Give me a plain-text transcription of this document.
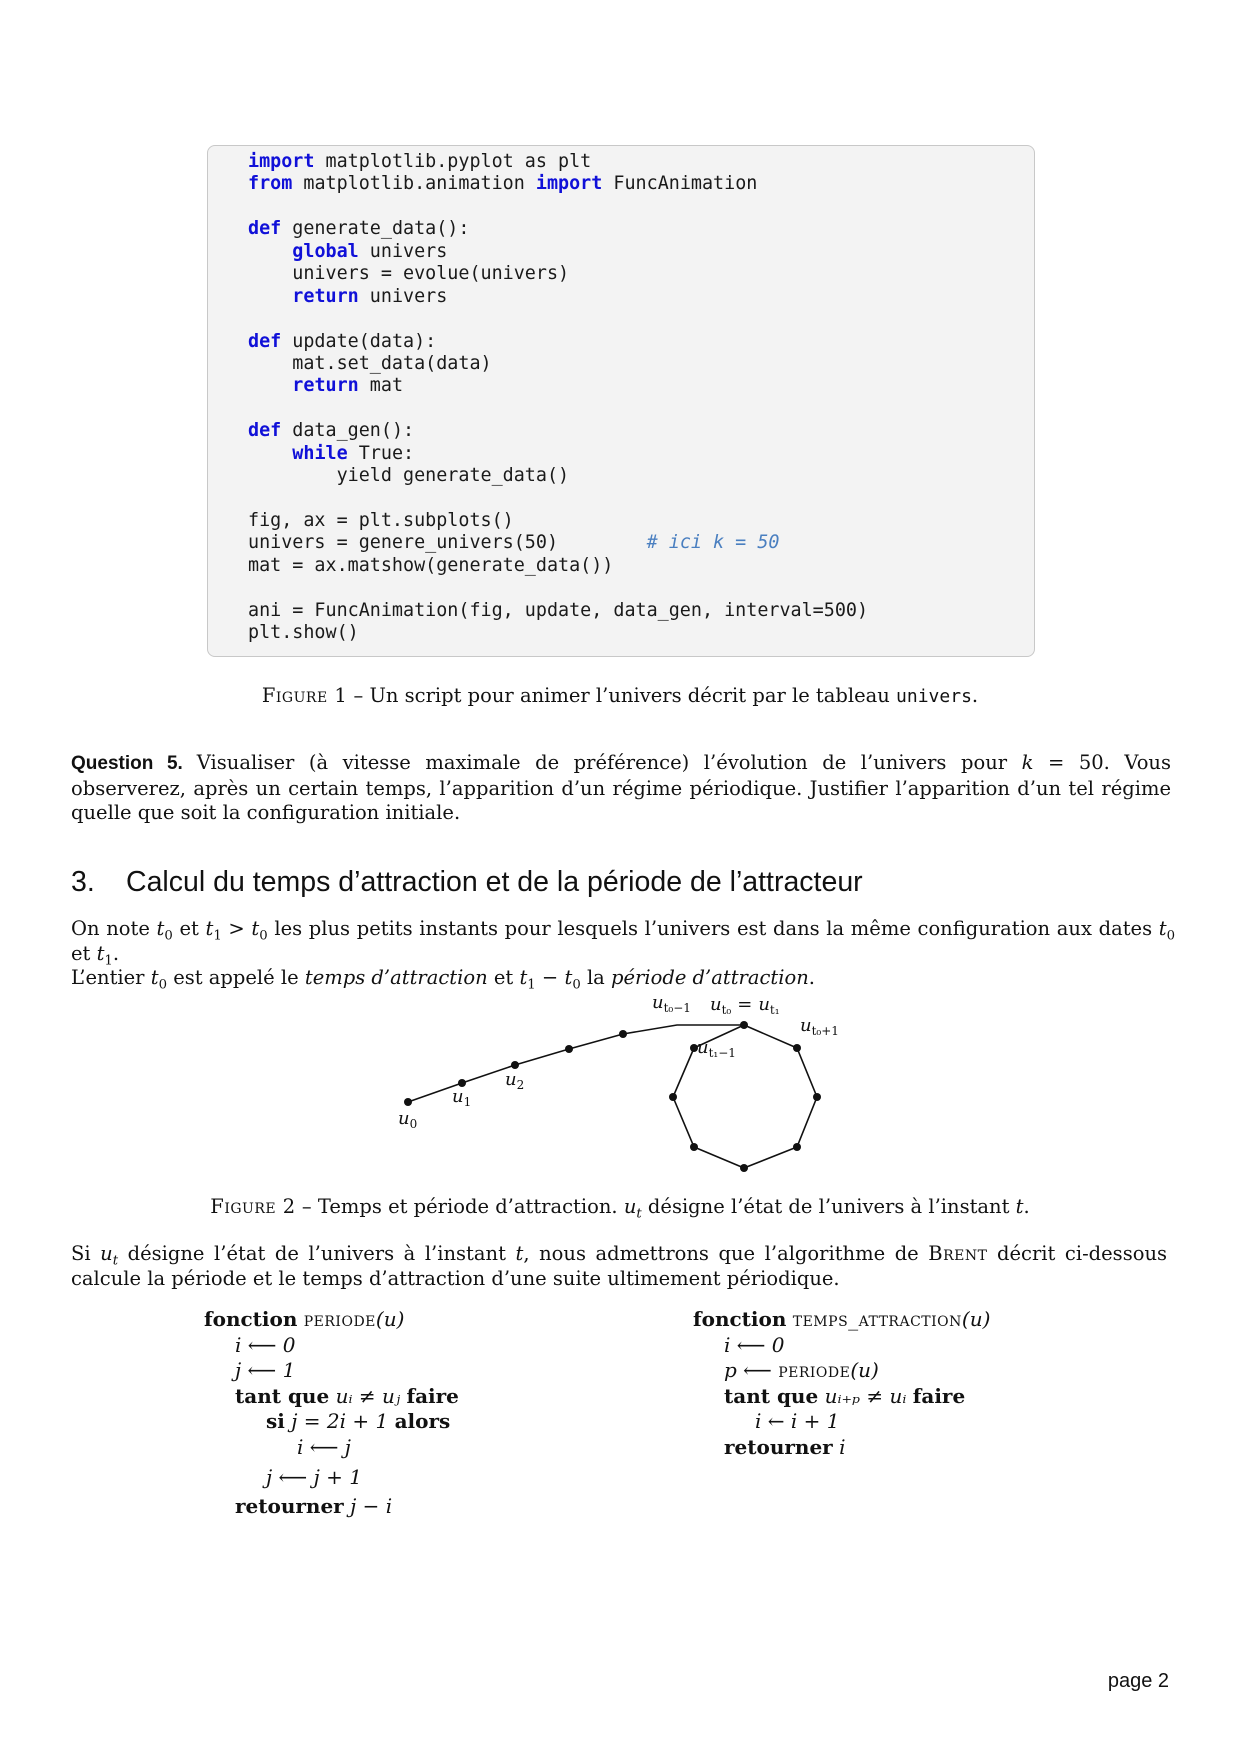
import matplotlib.pyplot as plt
from matplotlib.animation import FuncAnimation

def generate_data():
global univers
univers = evolue(univers)
return univers

def update(data):
mat.set_data(data)
return mat

def data_gen():
while True:
yield generate_data()

fig, ax = plt.subplots()
univers = genere_univers(50)        # ici k = 50
mat = ax.matshow(generate_data())

ani = FuncAnimation(fig, update, data_gen, interval=500)
plt.show()
Figure 1 – Un script pour animer l’univers décrit par le tableau univers.
Question 5. Visualiser (à vitesse maximale de préférence) l’évolution de l’univers pour k = 50. Vous observerez, après un certain temps, l’apparition d’un régime périodique. Justifier l’apparition d’un tel régime quelle que soit la configuration initiale.
3. Calcul du temps d’attraction et de la période de l’attracteur
On note $t_0$ et $t_1 > t_0$ les plus petits instants pour lesquels l’univers est dans la même configuration aux dates $t_0$ et $t_1$.
L’entier $t_0$ est appelé le temps d’attraction et $t_1 - t_0$ la période d’attraction.
$u_0$
$u_1$
$u_2$
$u_{t_0-1}$ $u_{t_0} = u_{t_1}$
$u_{t_0+1}$
$u_{t_1-1}$
Figure 2 – Temps et période d’attraction. $u_t$ désigne l’état de l’univers à l’instant t.
Si $u_t$ désigne l’état de l’univers à l’instant t, nous admettrons que l’algorithme de Brent décrit ci-dessous calcule la période et le temps d’attraction d’une suite ultimement périodique.
fonction periode(u)
i ⟵ 0
j ⟵ 1
tant que uᵢ ≠ uⱼ faire
si j = 2i + 1 alors
i ⟵ j
j ⟵ j + 1
retourner j − i
fonction temps_attraction(u)
i ⟵ 0
p ⟵ periode(u)
tant que uᵢ₊ₚ ≠ uᵢ faire
i ← i + 1
retourner i
page 2
